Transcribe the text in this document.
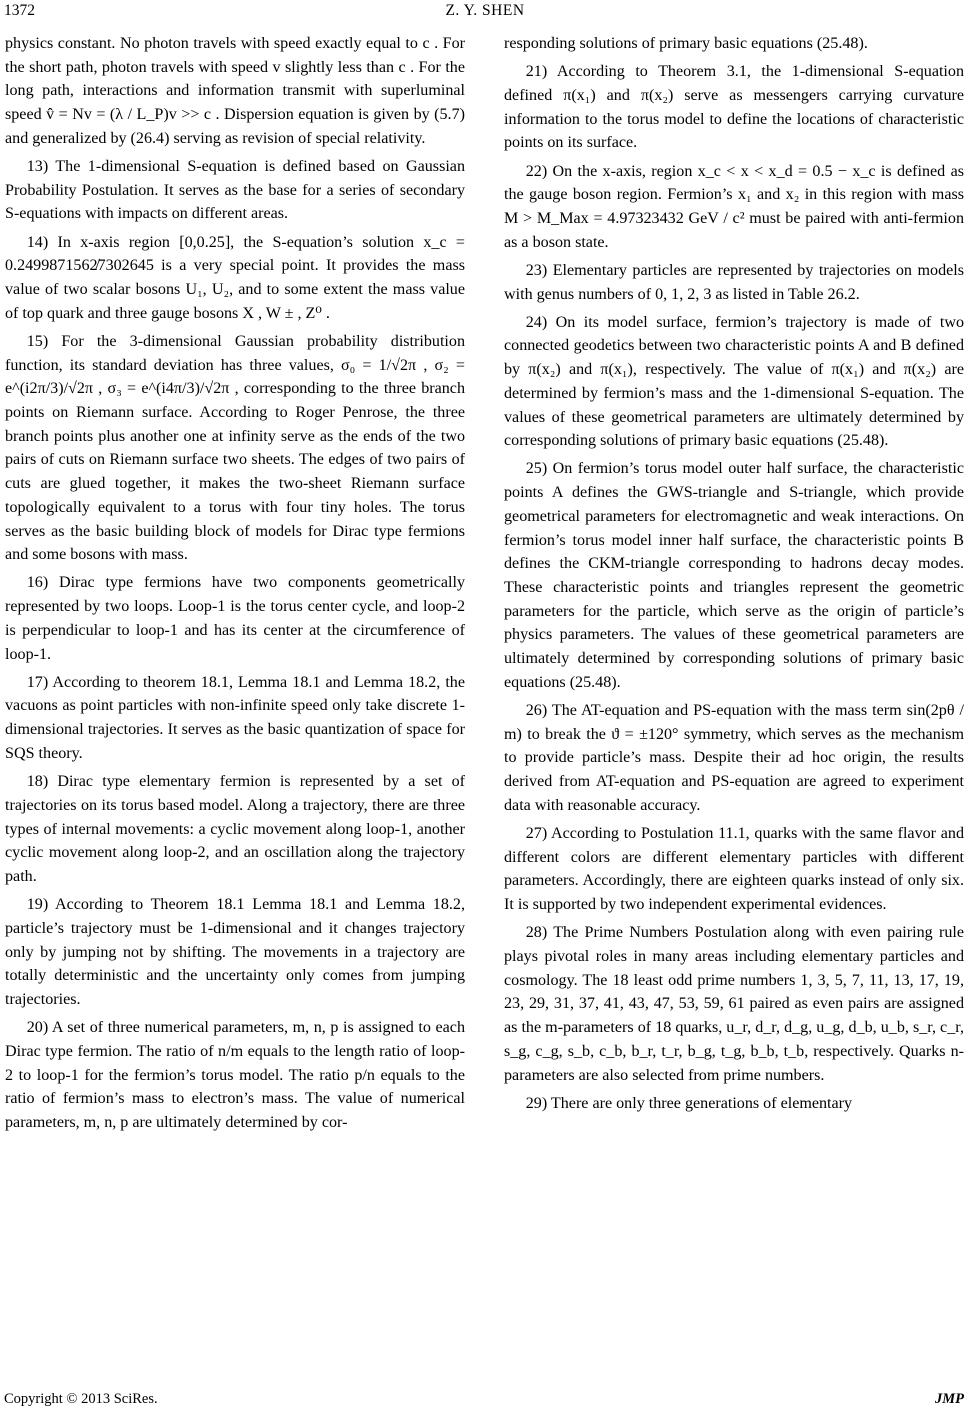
1372	Z. Y. SHEN

physics constant. No photon travels with speed exactly equal to c . For the short path, photon travels with speed v slightly less than c . For the long path, interactions and information transmit with superluminal speed v̂ = Nv = (λ / L_P)v >> c . Dispersion equation is given by (5.7) and generalized by (26.4) serving as revision of special relativity.

13) The 1-dimensional S-equation is defined based on Gaussian Probability Postulation. It serves as the base for a series of secondary S-equations with impacts on different areas.

14) In x-axis region [0,0.25], the S-equation’s solution x_c = 0.2499871562̸7302645 is a very special point. It provides the mass value of two scalar bosons U₁, U₂, and to some extent the mass value of top quark and three gauge bosons X , W ± , Z⁰ .

15) For the 3-dimensional Gaussian probability distribution function, its standard deviation has three values, σ₀ = 1/√2π , σ₂ = e^(i2π/3)/√2π , σ₃ = e^(i4π/3)/√2π , corresponding to the three branch points on Riemann surface. According to Roger Penrose, the three branch points plus another one at infinity serve as the ends of the two pairs of cuts on Riemann surface two sheets. The edges of two pairs of cuts are glued together, it makes the two-sheet Riemann surface topologically equivalent to a torus with four tiny holes. The torus serves as the basic building block of models for Dirac type fermions and some bosons with mass.

16) Dirac type fermions have two components geometrically represented by two loops. Loop-1 is the torus center cycle, and loop-2 is perpendicular to loop-1 and has its center at the circumference of loop-1.

17) According to theorem 18.1, Lemma 18.1 and Lemma 18.2, the vacuons as point particles with non-infinite speed only take discrete 1-dimensional trajectories. It serves as the basic quantization of space for SQS theory.

18) Dirac type elementary fermion is represented by a set of trajectories on its torus based model. Along a trajectory, there are three types of internal movements: a cyclic movement along loop-1, another cyclic movement along loop-2, and an oscillation along the trajectory path.

19) According to Theorem 18.1 Lemma 18.1 and Lemma 18.2, particle’s trajectory must be 1-dimensional and it changes trajectory only by jumping not by shifting. The movements in a trajectory are totally deterministic and the uncertainty only comes from jumping trajectories.

20) A set of three numerical parameters, m, n, p is assigned to each Dirac type fermion. The ratio of n/m equals to the length ratio of loop-2 to loop-1 for the fermion’s torus model. The ratio p/n equals to the ratio of fermion’s mass to electron’s mass. The value of numerical parameters, m, n, p are ultimately determined by cor-

responding solutions of primary basic equations (25.48).

21) According to Theorem 3.1, the 1-dimensional S-equation defined π(x₁) and π(x₂) serve as messengers carrying curvature information to the torus model to define the locations of characteristic points on its surface.

22) On the x-axis, region x_c < x < x_d = 0.5 − x_c is defined as the gauge boson region. Fermion’s x₁ and x₂ in this region with mass M > M_Max = 4.97323432 GeV / c² must be paired with anti-fermion as a boson state.

23) Elementary particles are represented by trajectories on models with genus numbers of 0, 1, 2, 3 as listed in Table 26.2.

24) On its model surface, fermion’s trajectory is made of two connected geodetics between two characteristic points A and B defined by π(x₂) and π(x₁), respectively. The value of π(x₁) and π(x₂) are determined by fermion’s mass and the 1-dimensional S-equation. The values of these geometrical parameters are ultimately determined by corresponding solutions of primary basic equations (25.48).

25) On fermion’s torus model outer half surface, the characteristic points A defines the GWS-triangle and S-triangle, which provide geometrical parameters for electromagnetic and weak interactions. On fermion’s torus model inner half surface, the characteristic points B defines the CKM-triangle corresponding to hadrons decay modes. These characteristic points and triangles represent the geometric parameters for the particle, which serve as the origin of particle’s physics parameters. The values of these geometrical parameters are ultimately determined by corresponding solutions of primary basic equations (25.48).

26) The AT-equation and PS-equation with the mass term sin(2pθ / m) to break the ϑ = ±120° symmetry, which serves as the mechanism to provide particle’s mass. Despite their ad hoc origin, the results derived from AT-equation and PS-equation are agreed to experiment data with reasonable accuracy.

27) According to Postulation 11.1, quarks with the same flavor and different colors are different elementary particles with different parameters. Accordingly, there are eighteen quarks instead of only six. It is supported by two independent experimental evidences.

28) The Prime Numbers Postulation along with even pairing rule plays pivotal roles in many areas including elementary particles and cosmology. The 18 least odd prime numbers 1, 3, 5, 7, 11, 13, 17, 19, 23, 29, 31, 37, 41, 43, 47, 53, 59, 61 paired as even pairs are assigned as the m-parameters of 18 quarks, u_r, d_r, d_g, u_g, d_b, u_b, s_r, c_r, s_g, c_g, s_b, c_b, b_r, t_r, b_g, t_g, b_b, t_b, respectively. Quarks n-parameters are also selected from prime numbers.

29) There are only three generations of elementary

Copyright © 2013 SciRes.	JMP
